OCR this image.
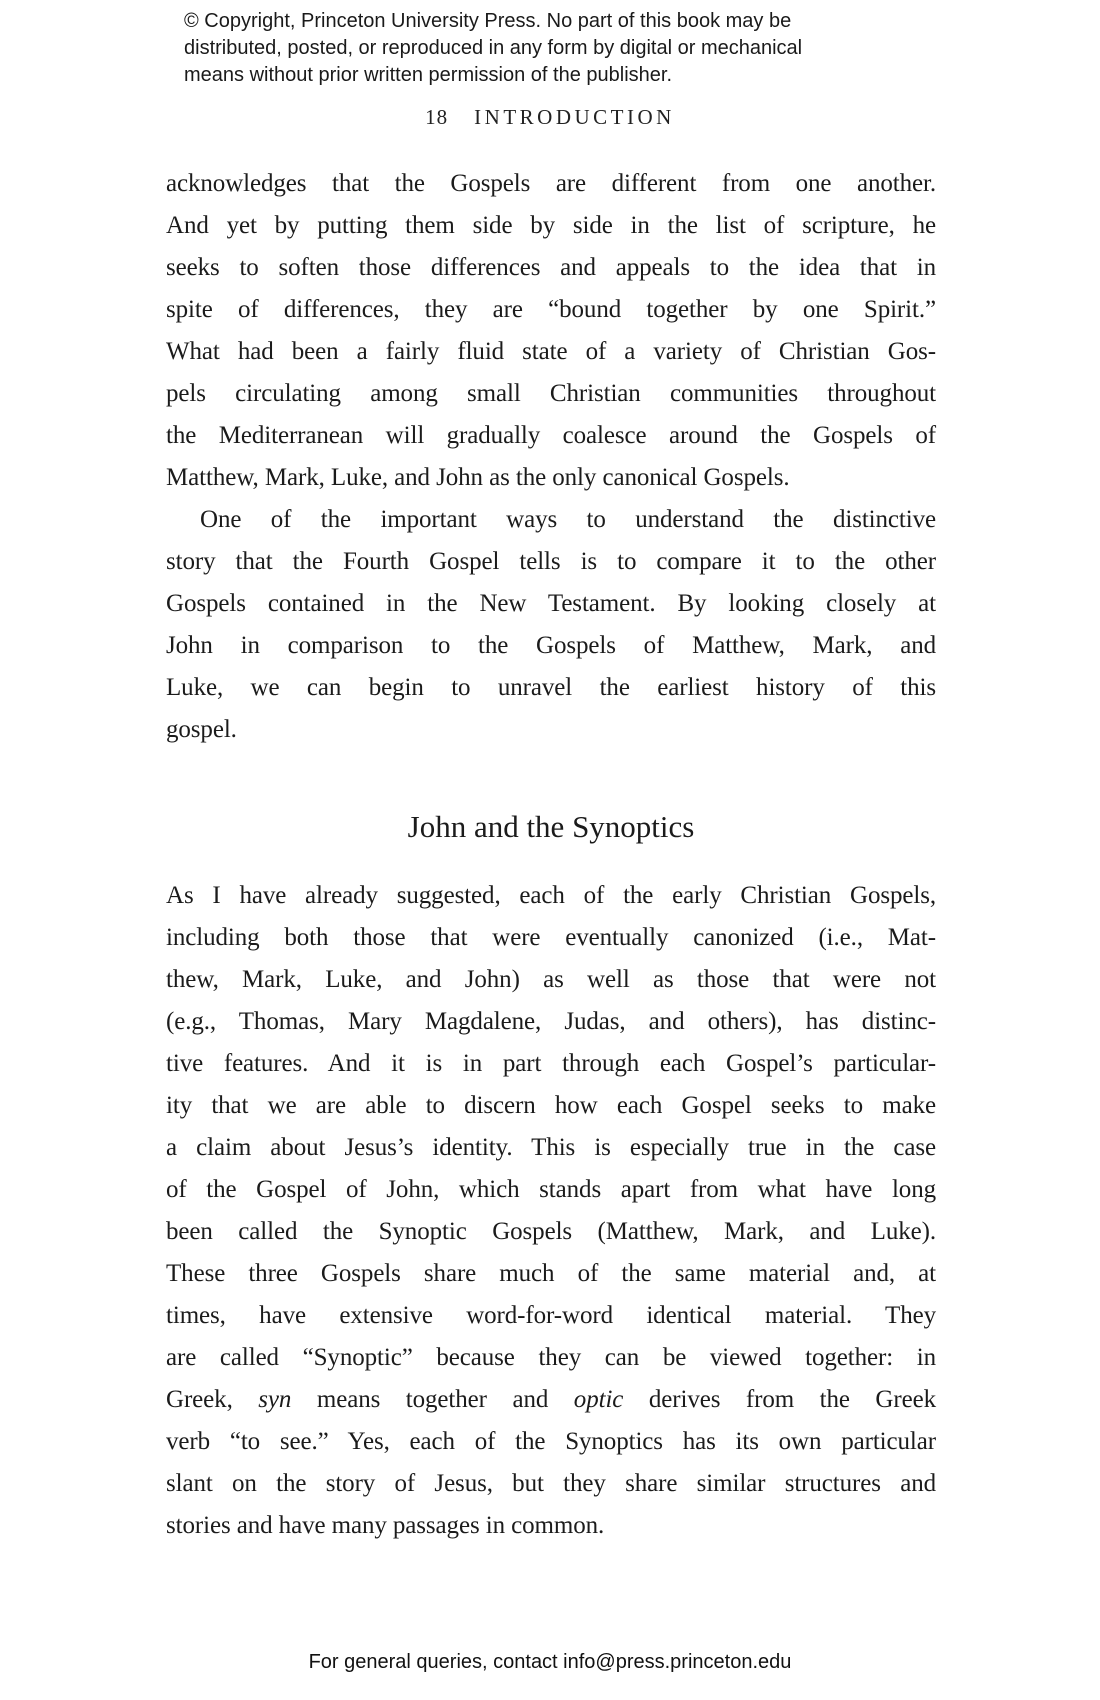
© Copyright, Princeton University Press. No part of this book may be
distributed, posted, or reproduced in any form by digital or mechanical
means without prior written permission of the publisher.
18 INTRODUCTION
acknowledges that the Gospels are different from one another.
And yet by putting them side by side in the list of scripture, he
seeks to soften those differences and appeals to the idea that in
spite of differences, they are “bound together by one Spirit.”
What had been a fairly fluid state of a variety of Christian Gos-
pels circulating among small Christian communities throughout
the Mediterranean will gradually coalesce around the Gospels of
Matthew, Mark, Luke, and John as the only canonical Gospels.
One of the important ways to understand the distinctive
story that the Fourth Gospel tells is to compare it to the other
Gospels contained in the New Testament. By looking closely at
John in comparison to the Gospels of Matthew, Mark, and
Luke, we can begin to unravel the earliest history of this
gospel.
John and the Synoptics
As I have already suggested, each of the early Christian Gospels,
including both those that were eventually canonized (i.e., Mat-
thew, Mark, Luke, and John) as well as those that were not
(e.g., Thomas, Mary Magdalene, Judas, and others), has distinc-
tive features. And it is in part through each Gospel’s particular-
ity that we are able to discern how each Gospel seeks to make
a claim about Jesus’s identity. This is especially true in the case
of the Gospel of John, which stands apart from what have long
been called the Synoptic Gospels (Matthew, Mark, and Luke).
These three Gospels share much of the same material and, at
times, have extensive word-for-word identical material. They
are called “Synoptic” because they can be viewed together: in
Greek, syn means together and optic derives from the Greek
verb “to see.” Yes, each of the Synoptics has its own particular
slant on the story of Jesus, but they share similar structures and
stories and have many passages in common.
For general queries, contact info@press.princeton.edu
